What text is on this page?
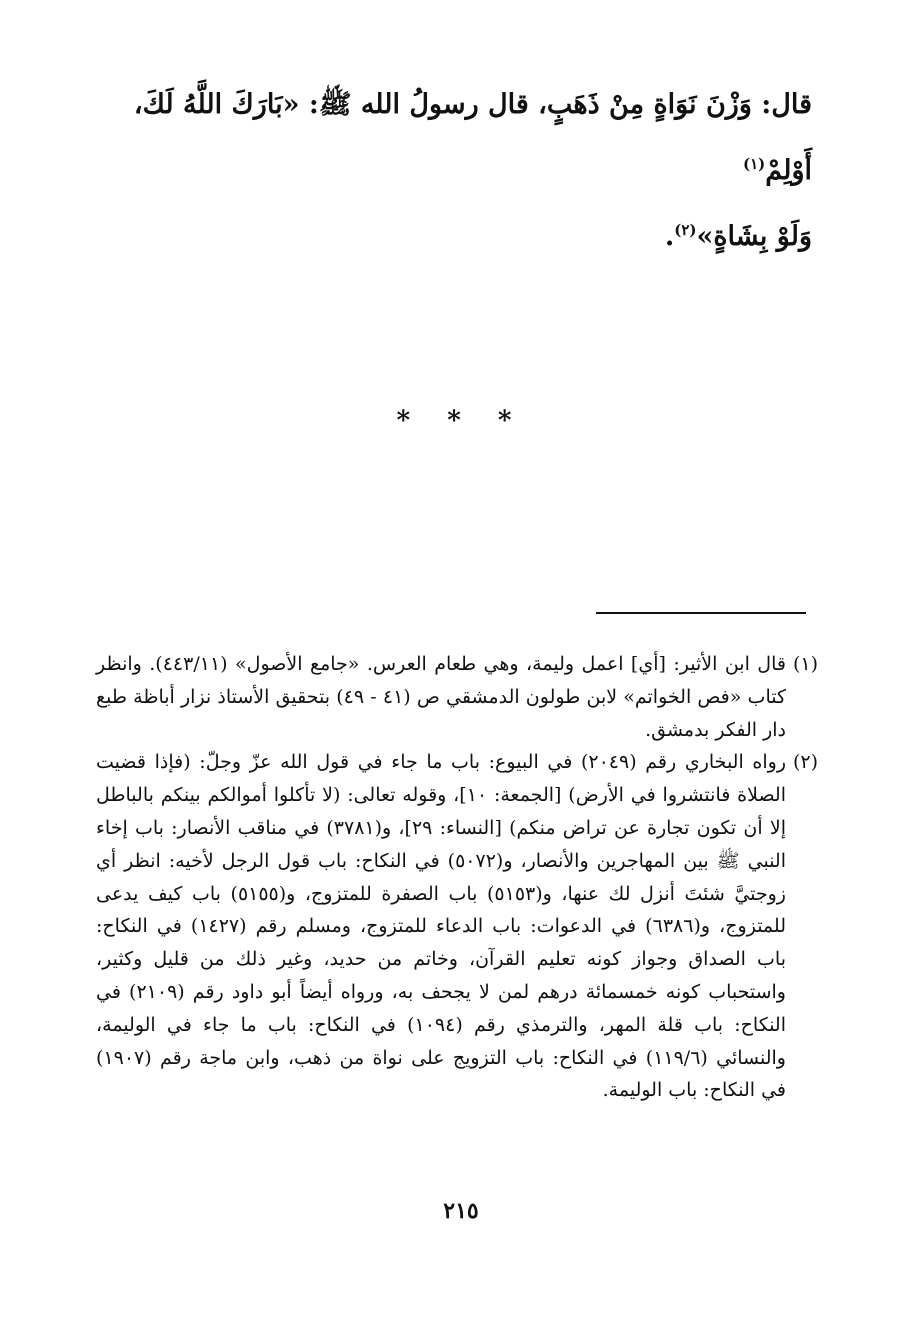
قال: وَزْنَ نَوَاةٍ مِنْ ذَهَبٍ، قال رسولُ الله ﷺ: «بَارَكَ اللَّهُ لَكَ، أَوْلِمْ$^{(١)}$

وَلَوْ بِشَاةٍ»$^{(٢)}$.

* * *

(١)
قال ابن الأثير: [أي] اعمل وليمة، وهي طعام العرس. «جامع الأصول» (٤٤٣/١١). وانظر كتاب «فص الخواتم» لابن طولون الدمشقي ص (٤١ - ٤٩) بتحقيق الأستاذ نزار أباظة طبع دار الفكر بدمشق.

(٢)
رواه البخاري رقم (٢٠٤٩) في البيوع: باب ما جاء في قول الله عزّ وجلّ: (فإذا قضيت الصلاة فانتشروا في الأرض) [الجمعة: ١٠]، وقوله تعالى: (لا تأكلوا أموالكم بينكم بالباطل إلا أن تكون تجارة عن تراض منكم) [النساء: ٢٩]، و(٣٧٨١) في مناقب الأنصار: باب إخاء النبي ﷺ بين المهاجرين والأنصار، و(٥٠٧٢) في النكاح: باب قول الرجل لأخيه: انظر أي زوجتيَّ شئتَ أنزل لك عنها، و(٥١٥٣) باب الصفرة للمتزوج، و(٥١٥٥) باب كيف يدعى للمتزوج، و(٦٣٨٦) في الدعوات: باب الدعاء للمتزوج، ومسلم رقم (١٤٢٧) في النكاح: باب الصداق وجواز كونه تعليم القرآن، وخاتم من حديد، وغير ذلك من قليل وكثير، واستحباب كونه خمسمائة درهم لمن لا يجحف به، ورواه أيضاً أبو داود رقم (٢١٠٩) في النكاح: باب قلة المهر، والترمذي رقم (١٠٩٤) في النكاح: باب ما جاء في الوليمة، والنسائي (١١٩/٦) في النكاح: باب التزويج على نواة من ذهب، وابن ماجة رقم (١٩٠٧) في النكاح: باب الوليمة.

٢١٥
